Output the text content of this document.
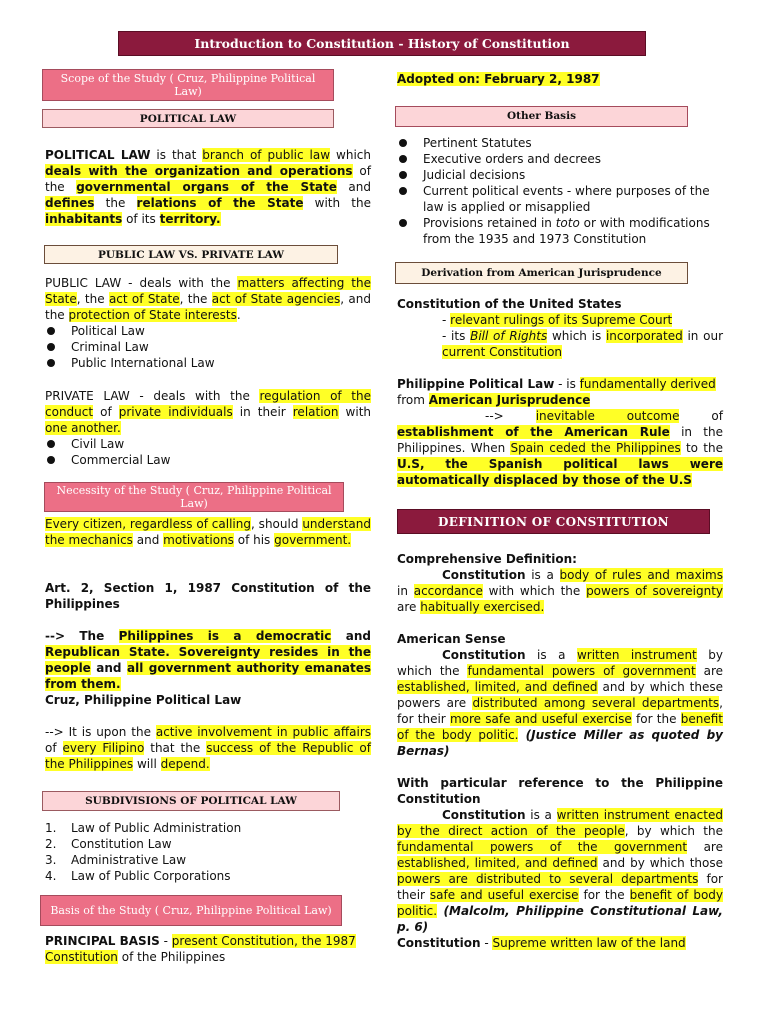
Introduction to Constitution - History of Constitution
Scope of the Study ( Cruz, Philippine Political Law)
POLITICAL LAW
POLITICAL LAW is that branch of public law which deals with the organization and operations of the governmental organs of the State and defines the relations of the State with the inhabitants of its territory.
PUBLIC LAW VS. PRIVATE LAW
PUBLIC LAW - deals with the matters affecting the State, the act of State, the act of State agencies, and the protection of State interests.
Political Law
Criminal Law
Public International Law
PRIVATE LAW - deals with the regulation of the conduct of private individuals in their relation with one another.
Civil Law
Commercial Law
Necessity of the Study ( Cruz, Philippine Political Law)
Every citizen, regardless of calling, should understand the mechanics and motivations of his government.
Art. 2, Section 1, 1987 Constitution of the Philippines
--> The Philippines is a democratic and Republican State. Sovereignty resides in the people and all government authority emanates from them.
Cruz, Philippine Political Law
--> It is upon the active involvement in public affairs of every Filipino that the success of the Republic of the Philippines will depend.
SUBDIVISIONS OF POLITICAL LAW
1. Law of Public Administration
2. Constitution Law
3. Administrative Law
4. Law of Public Corporations
Basis of the Study ( Cruz, Philippine Political Law)
PRINCIPAL BASIS - present Constitution, the 1987 Constitution of the Philippines
Adopted on: February 2, 1987
Other Basis
Pertinent Statutes
Executive orders and decrees
Judicial decisions
Current political events - where purposes of the law is applied or misapplied
Provisions retained in toto or with modifications from the 1935 and 1973 Constitution
Derivation from American Jurisprudence
Constitution of the United States
- relevant rulings of its Supreme Court
- its Bill of Rights which is incorporated in our current Constitution
Philippine Political Law - is fundamentally derived from American Jurisprudence
--> inevitable outcome of establishment of the American Rule in the Philippines. When Spain ceded the Philippines to the U.S, the Spanish political laws were automatically displaced by those of the U.S
DEFINITION OF CONSTITUTION
Comprehensive Definition:
Constitution is a body of rules and maxims in accordance with which the powers of sovereignty are habitually exercised.
American Sense
Constitution is a written instrument by which the fundamental powers of government are established, limited, and defined and by which these powers are distributed among several departments, for their more safe and useful exercise for the benefit of the body politic. (Justice Miller as quoted by Bernas)
With particular reference to the Philippine Constitution
Constitution is a written instrument enacted by the direct action of the people, by which the fundamental powers of the government are established, limited, and defined and by which those powers are distributed to several departments for their safe and useful exercise for the benefit of body politic. (Malcolm, Philippine Constitutional Law, p. 6)
Constitution - Supreme written law of the land
